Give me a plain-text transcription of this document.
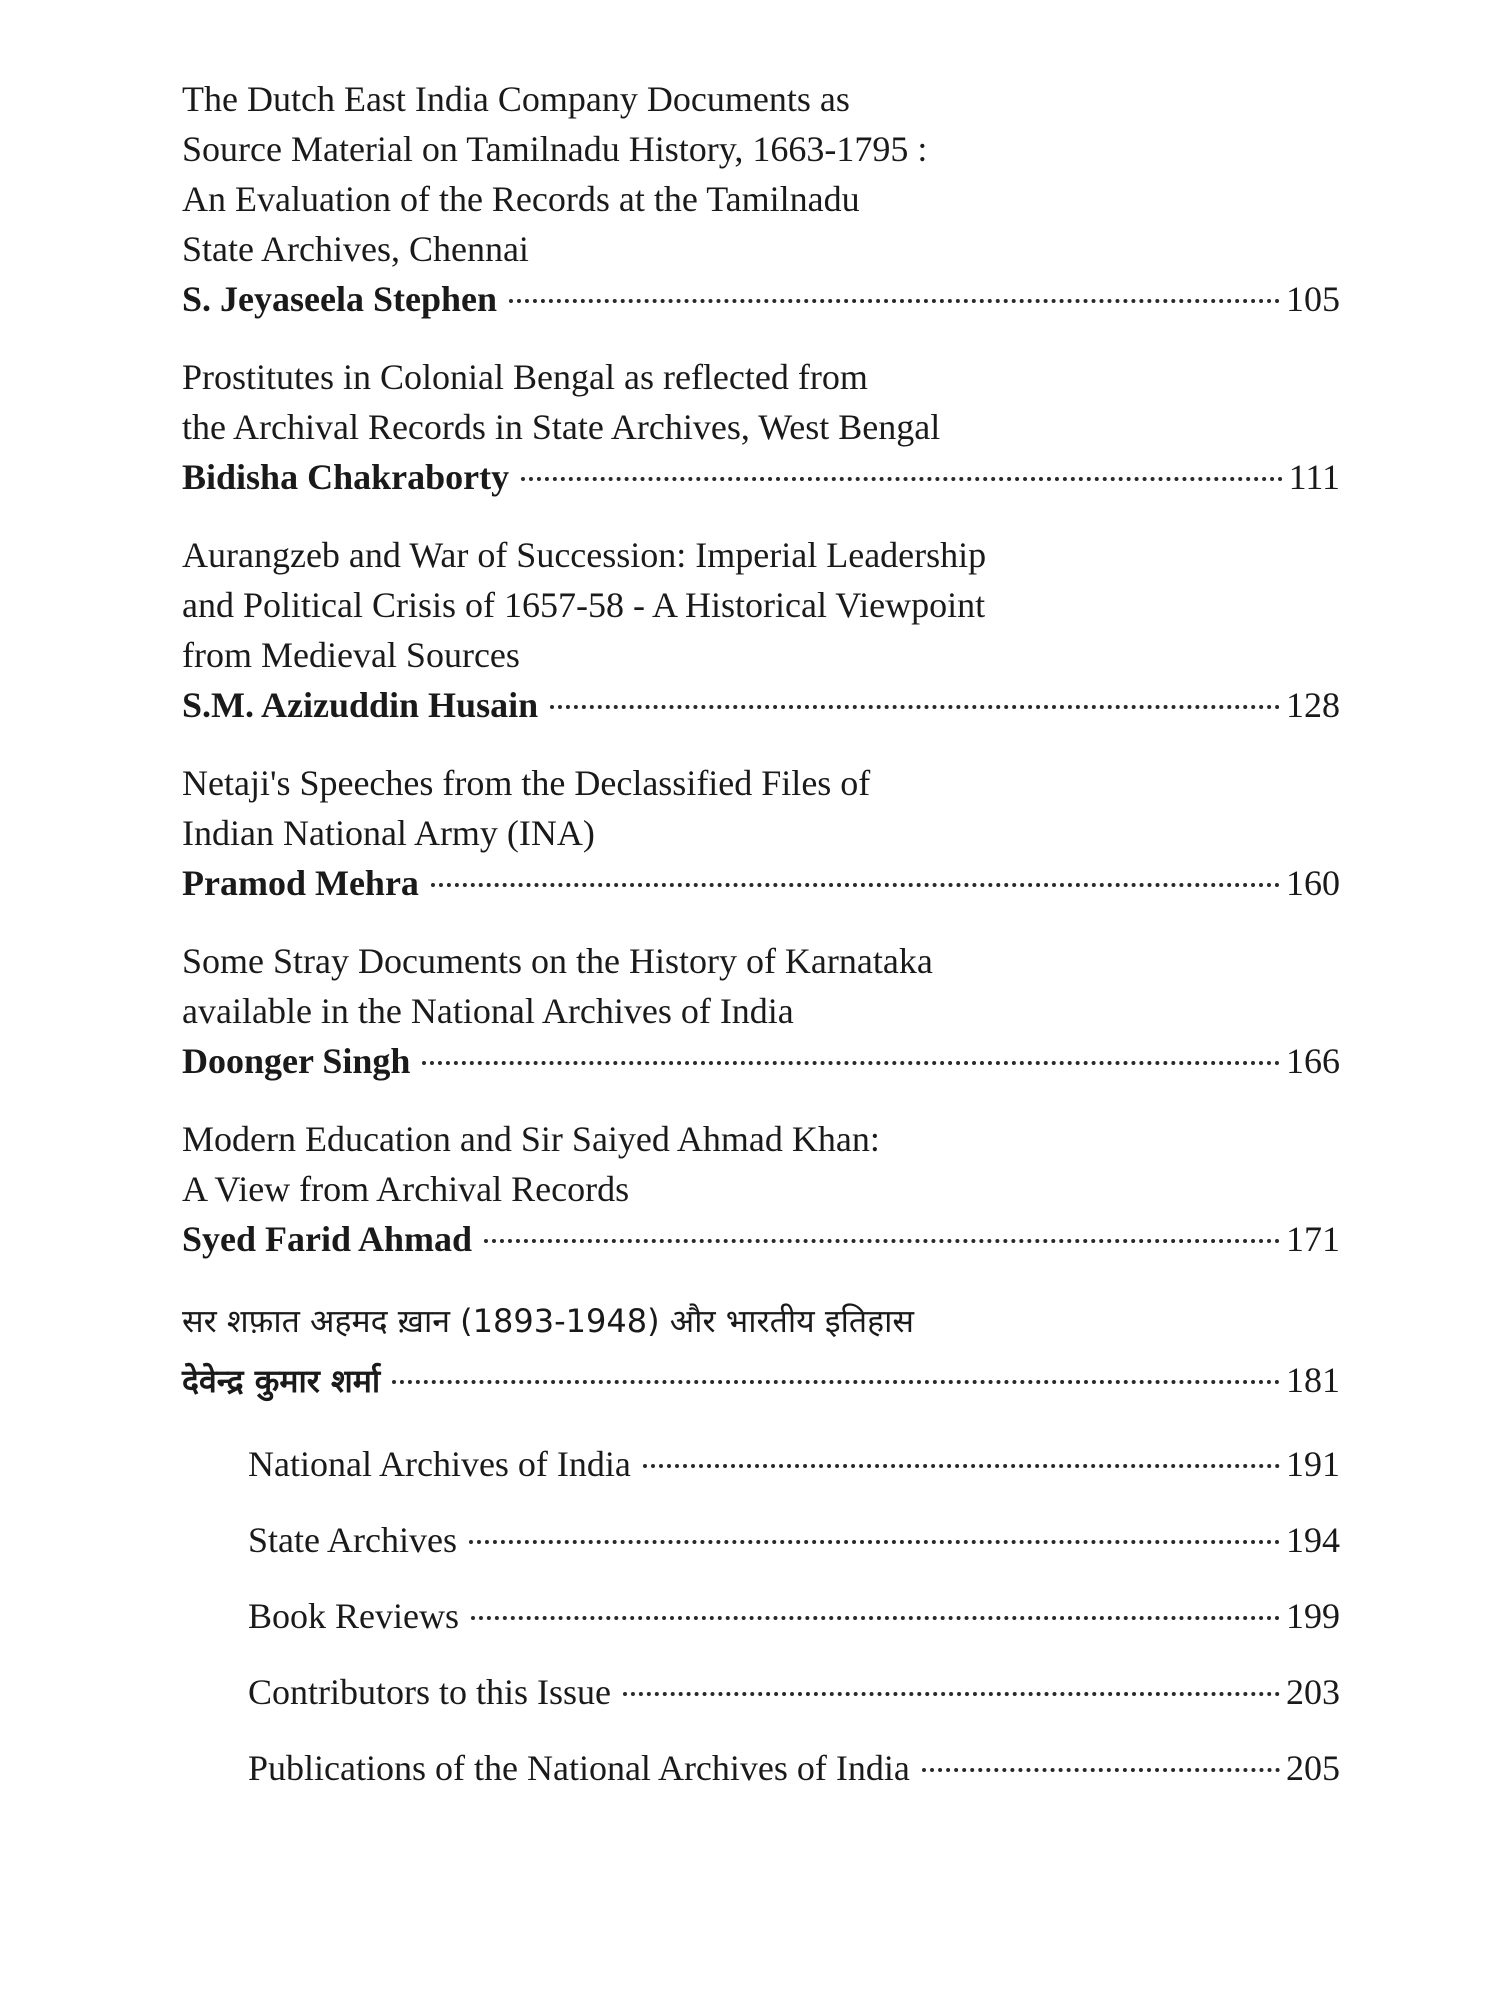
The Dutch East India Company Documents as
Source Material on Tamilnadu History, 1663-1795 :
An Evaluation of the Records at the Tamilnadu
State Archives, Chennai
S. Jeyaseela Stephen	105
Prostitutes in Colonial Bengal as reflected from
the Archival Records in State Archives, West Bengal
Bidisha Chakraborty	111
Aurangzeb and War of Succession: Imperial Leadership
and Political Crisis of 1657-58 - A Historical Viewpoint
from Medieval Sources
S.M. Azizuddin Husain	128
Netaji's Speeches from the Declassified Files of
Indian National Army (INA)
Pramod Mehra	160
Some Stray Documents on the History of Karnataka
available in the National Archives of India
Doonger Singh	166
Modern Education and Sir Saiyed Ahmad Khan:
A View from Archival Records
Syed Farid Ahmad	171
सर शफ़ात अहमद ख़ान (1893-1948) और भारतीय इतिहास
देवेन्द्र कुमार शर्मा	181
National Archives of India	191
State Archives	194
Book Reviews	199
Contributors to this Issue	203
Publications of the National Archives of India	205
